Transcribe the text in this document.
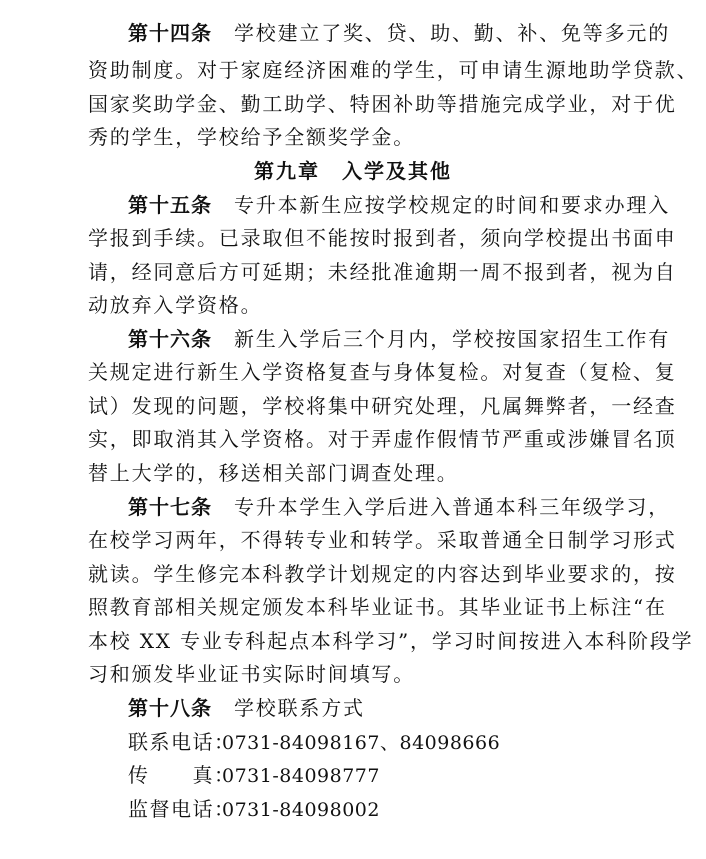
第十四条 学校建立了奖、贷、助、勤、补、免等多元的
资助制度。对于家庭经济困难的学生，可申请生源地助学贷款、
国家奖助学金、勤工助学、特困补助等措施完成学业，对于优
秀的学生，学校给予全额奖学金。
第九章　入学及其他
第十五条 专升本新生应按学校规定的时间和要求办理入
学报到手续。已录取但不能按时报到者，须向学校提出书面申
请，经同意后方可延期；未经批准逾期一周不报到者，视为自
动放弃入学资格。
第十六条 新生入学后三个月内，学校按国家招生工作有
关规定进行新生入学资格复查与身体复检。对复查（复检、复
试）发现的问题，学校将集中研究处理，凡属舞弊者，一经查
实，即取消其入学资格。对于弄虚作假情节严重或涉嫌冒名顶
替上大学的，移送相关部门调查处理。
第十七条 专升本学生入学后进入普通本科三年级学习，
在校学习两年，不得转专业和转学。采取普通全日制学习形式
就读。学生修完本科教学计划规定的内容达到毕业要求的，按
照教育部相关规定颁发本科毕业证书。其毕业证书上标注“在
本校 XX 专业专科起点本科学习”，学习时间按进入本科阶段学
习和颁发毕业证书实际时间填写。
第十八条 学校联系方式
联系电话：0731-84098167、84098666
传　　真：0731-84098777
监督电话：0731-84098002
